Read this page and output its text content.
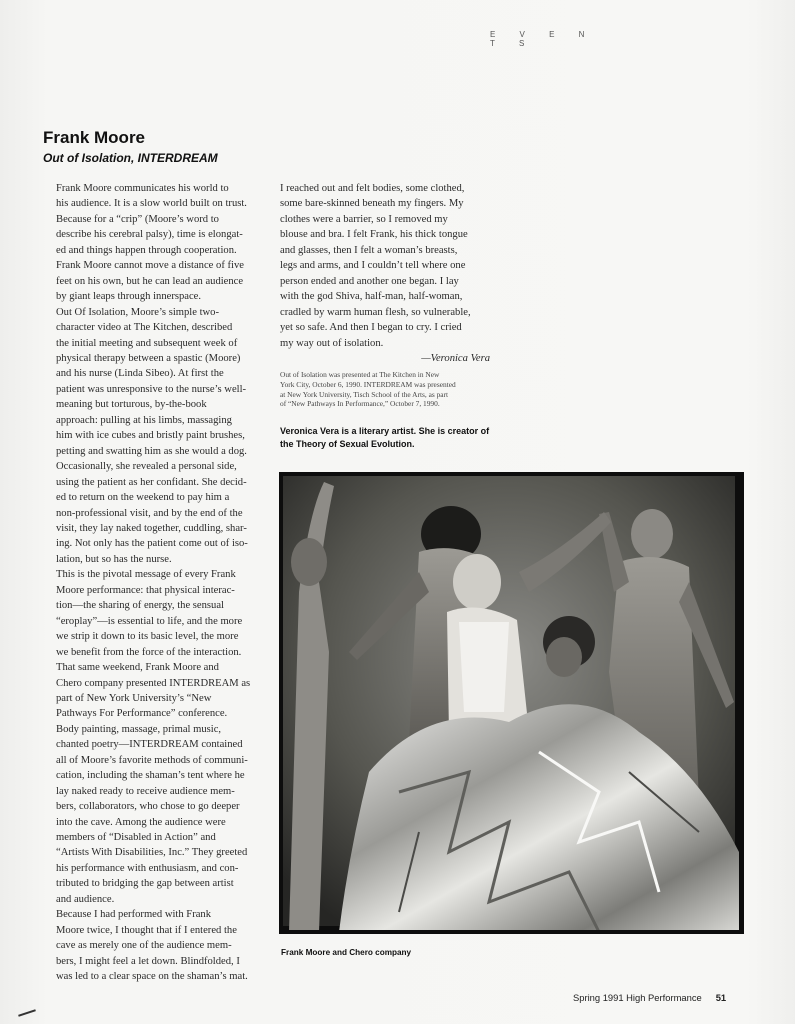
E V E N T S
Frank Moore
Out of Isolation, INTERDREAM

Frank Moore communicates his world to
his audience. It is a slow world built on trust.
Because for a “crip” (Moore’s word to
describe his cerebral palsy), time is elongat-
ed and things happen through cooperation.
Frank Moore cannot move a distance of five
feet on his own, but he can lead an audience
by giant leaps through innerspace.

Out Of Isolation, Moore’s simple two-
character video at The Kitchen, described
the initial meeting and subsequent week of
physical therapy between a spastic (Moore)
and his nurse (Linda Sibeo). At first the
patient was unresponsive to the nurse’s well-
meaning but torturous, by-the-book
approach: pulling at his limbs, massaging
him with ice cubes and bristly paint brushes,
petting and swatting him as she would a dog.
Occasionally, she revealed a personal side,
using the patient as her confidant. She decid-
ed to return on the weekend to pay him a
non-professional visit, and by the end of the
visit, they lay naked together, cuddling, shar-
ing. Not only has the patient come out of iso-
lation, but so has the nurse.

This is the pivotal message of every Frank
Moore performance: that physical interac-
tion—the sharing of energy, the sensual
“eroplay”—is essential to life, and the more
we strip it down to its basic level, the more
we benefit from the force of the interaction.

That same weekend, Frank Moore and
Chero company presented INTERDREAM as
part of New York University’s “New
Pathways For Performance” conference.
Body painting, massage, primal music,
chanted poetry—INTERDREAM contained
all of Moore’s favorite methods of communi-
cation, including the shaman’s tent where he
lay naked ready to receive audience mem-
bers, collaborators, who chose to go deeper
into the cave. Among the audience were
members of “Disabled in Action” and
“Artists With Disabilities, Inc.” They greeted
his performance with enthusiasm, and con-
tributed to bridging the gap between artist
and audience.

Because I had performed with Frank
Moore twice, I thought that if I entered the
cave as merely one of the audience mem-
bers, I might feel a let down. Blindfolded, I
was led to a clear space on the shaman’s mat.

I reached out and felt bodies, some clothed,
some bare-skinned beneath my fingers. My
clothes were a barrier, so I removed my
blouse and bra. I felt Frank, his thick tongue
and glasses, then I felt a woman’s breasts,
legs and arms, and I couldn’t tell where one
person ended and another one began. I lay
with the god Shiva, half-man, half-woman,
cradled by warm human flesh, so vulnerable,
yet so safe. And then I began to cry. I cried
my way out of isolation.

—Veronica Vera

Out of Isolation was presented at The Kitchen in New
York City, October 6, 1990. INTERDREAM was presented
at New York University, Tisch School of the Arts, as part
of “New Pathways In Performance,” October 7, 1990.
Veronica Vera is a literary artist. She is creator of
the Theory of Sexual Evolution.
Frank Moore and Chero company
Spring 1991 High Performance 51
